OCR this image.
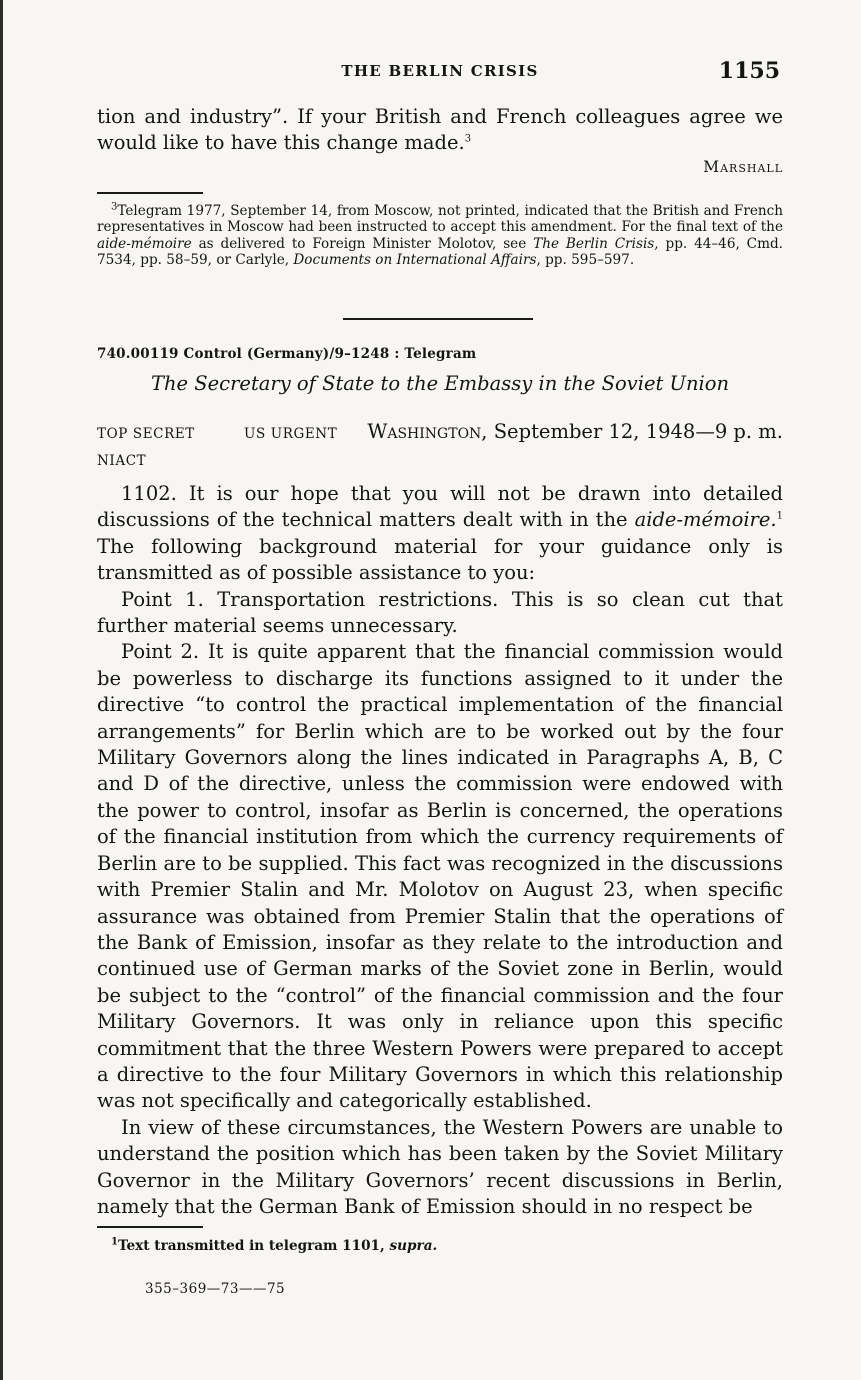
THE BERLIN CRISIS	1155

tion and industry”. If your British and French colleagues agree we would like to have this change made.$^3$

Marshall

$^3$Telegram 1977, September 14, from Moscow, not printed, indicated that the British and French representatives in Moscow had been instructed to accept this amendment. For the final text of the aide-mémoire as delivered to Foreign Minister Molotov, see The Berlin Crisis, pp. 44–46, Cmd. 7534, pp. 58–59, or Carlyle, Documents on International Affairs, pp. 595–597.

740.00119 Control (Germany)/9–1248 : Telegram
The Secretary of State to the Embassy in the Soviet Union
TOP SECRET	US URGENT Washington, September 12, 1948—9 p. m.
NIACT

1102. It is our hope that you will not be drawn into detailed discussions of the technical matters dealt with in the aide-mémoire.$^1$ The following background material for your guidance only is transmitted as of possible assistance to you:

Point 1. Transportation restrictions. This is so clean cut that further material seems unnecessary.

Point 2. It is quite apparent that the financial commission would be powerless to discharge its functions assigned to it under the directive “to control the practical implementation of the financial arrangements” for Berlin which are to be worked out by the four Military Governors along the lines indicated in Paragraphs A, B, C and D of the directive, unless the commission were endowed with the power to control, insofar as Berlin is concerned, the operations of the financial institution from which the currency requirements of Berlin are to be supplied. This fact was recognized in the discussions with Premier Stalin and Mr. Molotov on August 23, when specific assurance was obtained from Premier Stalin that the operations of the Bank of Emission, insofar as they relate to the introduction and continued use of German marks of the Soviet zone in Berlin, would be subject to the “control” of the financial commission and the four Military Governors. It was only in reliance upon this specific commitment that the three Western Powers were prepared to accept a directive to the four Military Governors in which this relationship was not specifically and categorically established.

In view of these circumstances, the Western Powers are unable to understand the position which has been taken by the Soviet Military Governor in the Military Governors’ recent discussions in Berlin, namely that the German Bank of Emission should in no respect be

$^1$Text transmitted in telegram 1101, supra.

355–369—73——75
